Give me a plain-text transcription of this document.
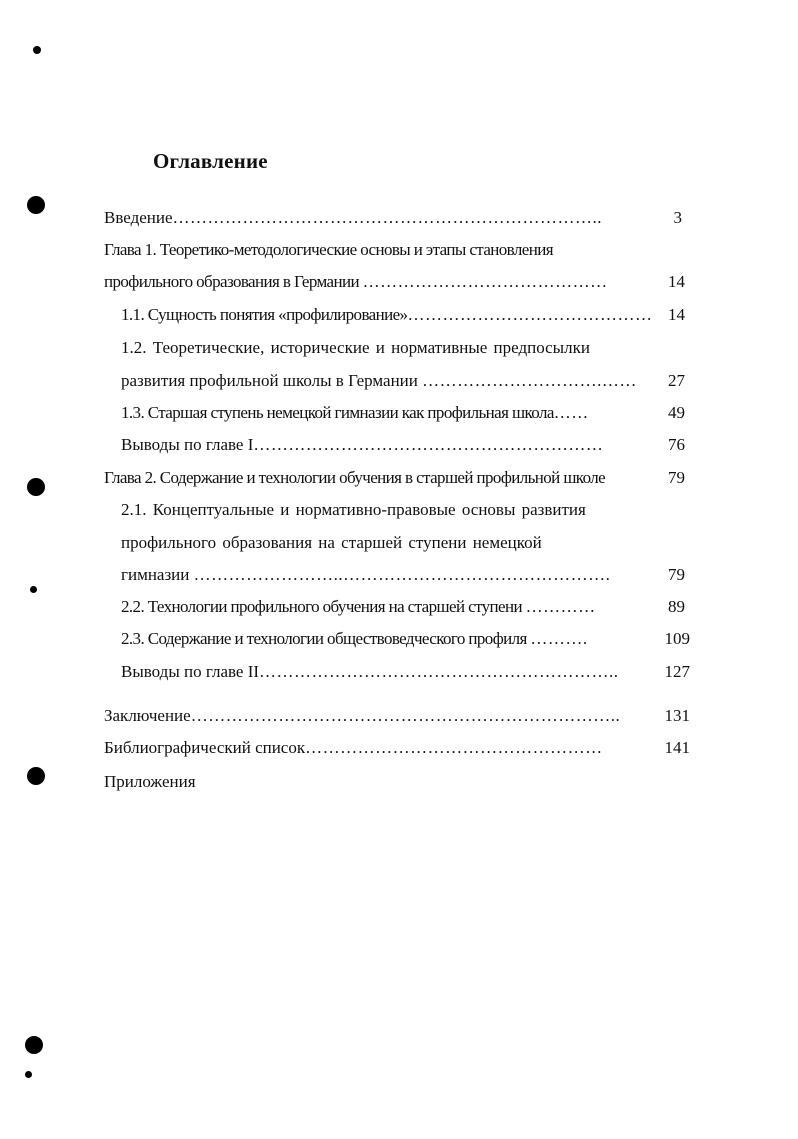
Оглавление
Введение………………………………………………………………..	3
Глава 1. Теоретико-методологические основы и этапы становления
профильного образования в Германии ……………………………………	14
1.1. Сущность понятия «профилирование»…………………………………… 14
1.2. Теоретические, исторические и нормативные предпосылки
развития профильной школы в Германии ………………………….……	27
1.3. Старшая ступень немецкой гимназии как профильная школа……	49
Выводы по главе I……………………………………………………	76
Глава 2. Содержание и технологии обучения в старшей профильной школе	79
2.1. Концептуальные и нормативно-правовые основы развития
профильного образования на старшей ступени немецкой
гимназии ……………………..……………………………………….	79
2.2. Технологии профильного обучения на старшей ступени …………	89
2.3. Содержание и технологии обществоведческого профиля ……….	109
Выводы по главе II……………………………………………………..	127
Заключение………………………………………………………………..	131
Библиографический список……………………………………………	141
Приложения
